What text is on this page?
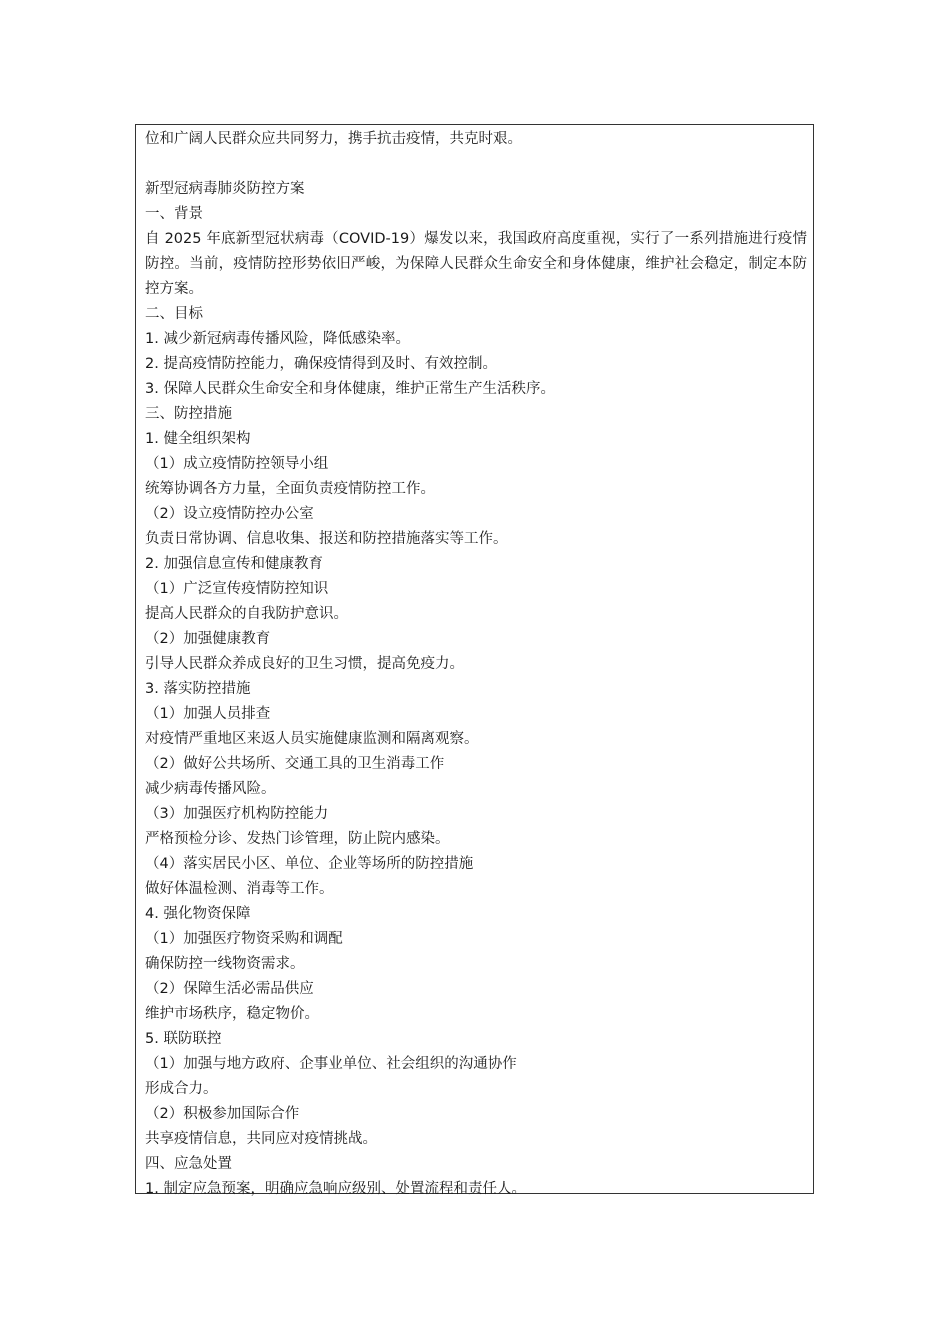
位和广阔人民群众应共同努力，携手抗击疫情，共克时艰。
新型冠病毒肺炎防控方案
一、背景
自 2025 年底新型冠状病毒（COVID-19）爆发以来，我国政府高度重视，实行了一系列措施进行疫情防控。当前，疫情防控形势依旧严峻，为保障人民群众生命安全和身体健康，维护社会稳定，制定本防控方案。
二、目标
1. 减少新冠病毒传播风险，降低感染率。
2. 提高疫情防控能力，确保疫情得到及时、有效控制。
3. 保障人民群众生命安全和身体健康，维护正常生产生活秩序。
三、防控措施
1. 健全组织架构
（1）成立疫情防控领导小组
统筹协调各方力量，全面负责疫情防控工作。
（2）设立疫情防控办公室
负责日常协调、信息收集、报送和防控措施落实等工作。
2. 加强信息宣传和健康教育
（1）广泛宣传疫情防控知识
提高人民群众的自我防护意识。
（2）加强健康教育
引导人民群众养成良好的卫生习惯，提高免疫力。
3. 落实防控措施
（1）加强人员排查
对疫情严重地区来返人员实施健康监测和隔离观察。
（2）做好公共场所、交通工具的卫生消毒工作
减少病毒传播风险。
（3）加强医疗机构防控能力
严格预检分诊、发热门诊管理，防止院内感染。
（4）落实居民小区、单位、企业等场所的防控措施
做好体温检测、消毒等工作。
4. 强化物资保障
（1）加强医疗物资采购和调配
确保防控一线物资需求。
（2）保障生活必需品供应
维护市场秩序，稳定物价。
5. 联防联控
（1）加强与地方政府、企事业单位、社会组织的沟通协作
形成合力。
（2）积极参加国际合作
共享疫情信息，共同应对疫情挑战。
四、应急处置
1. 制定应急预案，明确应急响应级别、处置流程和责任人。
